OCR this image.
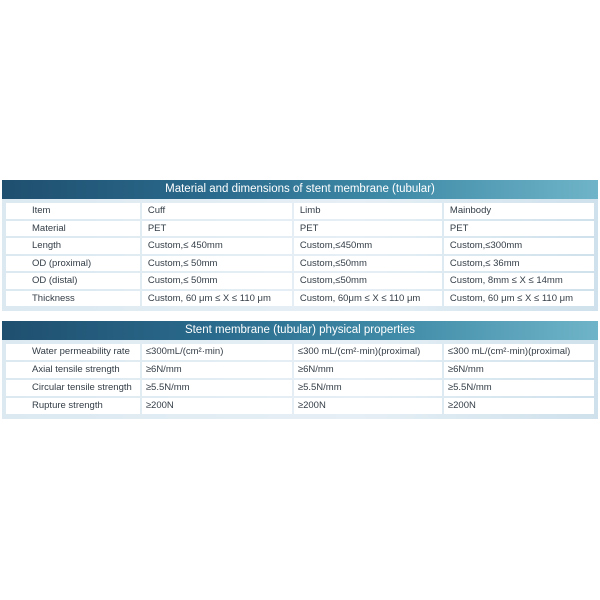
Material and dimensions of stent membrane (tubular)
Item	Cuff	Limb	Mainbody
Material	PET	PET	PET
Length	Custom,≤ 450mm	Custom,≤450mm	Custom,≤300mm
OD (proximal)	Custom,≤ 50mm	Custom,≤50mm	Custom,≤ 36mm
OD (distal)	Custom,≤ 50mm	Custom,≤50mm	Custom, 8mm ≤ X ≤ 14mm
Thickness	Custom, 60 μm ≤ X ≤ 110 μm	Custom, 60μm ≤ X ≤ 110 μm	Custom, 60 μm ≤ X ≤ 110 μm
Stent membrane (tubular) physical properties
Water permeability rate	≤300mL/(cm²·min)	≤300 mL/(cm²·min)(proximal)	≤300 mL/(cm²·min)(proximal)
Axial tensile strength	≥6N/mm	≥6N/mm	≥6N/mm
Circular tensile strength	≥5.5N/mm	≥5.5N/mm	≥5.5N/mm
Rupture strength	≥200N	≥200N	≥200N
